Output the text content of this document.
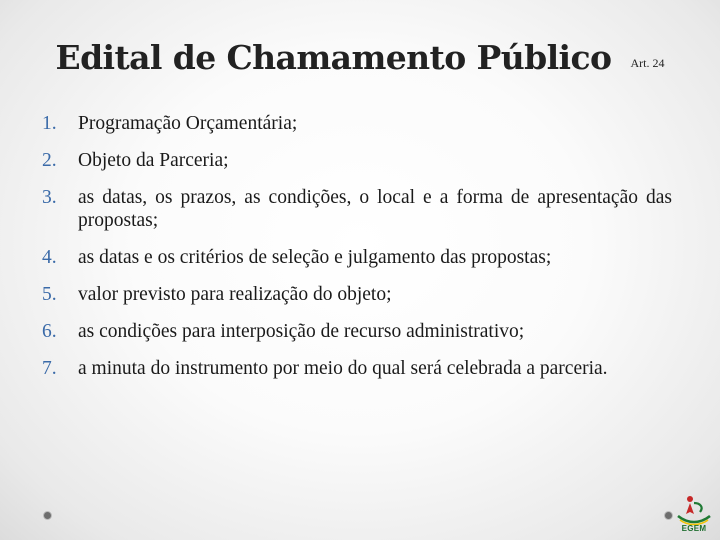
Edital de Chamamento Público Art. 24
1.	Programação Orçamentária;
2.	Objeto da Parceria;
3.	as datas, os prazos, as condições, o local e a forma de apresentação das propostas;
4.	as datas e os critérios de seleção e julgamento das propostas;
5.	valor previsto para realização do objeto;
6.	as condições para interposição de recurso administrativo;
7.	a minuta do instrumento por meio do qual será celebrada a parceria.
EGEM
